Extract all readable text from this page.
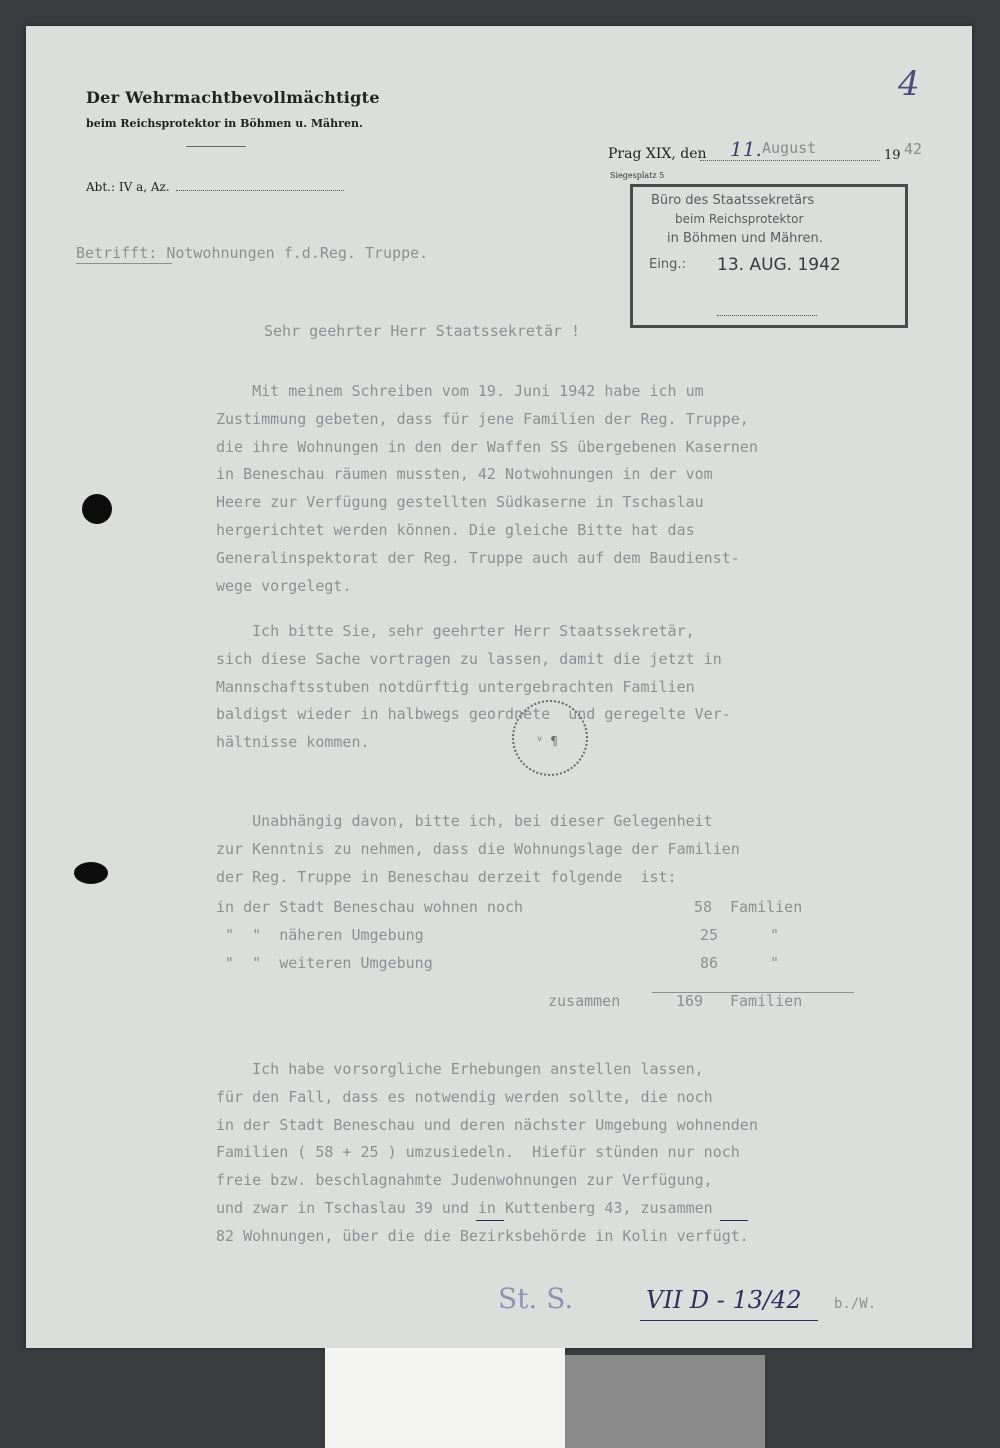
Der Wehrmachtbevollmächtigte
beim Reichsprotektor in Böhmen u. Mähren.
Abt.: IV a, Az.
4
Prag XIX, den 11. August	19 42
Siegesplatz 5
Büro des Staatssekretärs
beim Reichsprotektor
in Böhmen und Mähren.
Eing.: 13. AUG. 1942
Betrifft: Notwohnungen f.d.Reg. Truppe.
Sehr geehrter Herr Staatssekretär !

Mit meinem Schreiben vom 19. Juni 1942 habe ich um
Zustimmung gebeten, dass für jene Familien der Reg. Truppe,
die ihre Wohnungen in den der Waffen SS übergebenen Kasernen
in Beneschau räumen mussten, 42 Notwohnungen in der vom
Heere zur Verfügung gestellten Südkaserne in Tschaslau
hergerichtet werden können. Die gleiche Bitte hat das
Generalinspektorat der Reg. Truppe auch auf dem Baudienst-
wege vorgelegt.

Ich bitte Sie, sehr geehrter Herr Staatssekretär,
sich diese Sache vortragen zu lassen, damit die jetzt in
Mannschaftsstuben notdürftig untergebrachten Familien
baldigst wieder in halbwegs geordnete  und geregelte Ver-
hältnisse kommen.	ⱽ ¶

Unabhängig davon, bitte ich, bei dieser Gelegenheit
zur Kenntnis zu nehmen, dass die Wohnungslage der Familien
der Reg. Truppe in Beneschau derzeit folgende  ist:

in der Stadt Beneschau wohnen noch	58 Familien
"  "  näheren Umgebung	25	"
"  "  weiteren Umgebung	86	"
zusammen	169 Familien

Ich habe vorsorgliche Erhebungen anstellen lassen,
für den Fall, dass es notwendig werden sollte, die noch
in der Stadt Beneschau und deren nächster Umgebung wohnenden
Familien ( 58 + 25 ) umzusiedeln.  Hiefür stünden nur noch
freie bzw. beschlagnahmte Judenwohnungen zur Verfügung,
und zwar in Tschaslau 39 und in Kuttenberg 43, zusammen
82 Wohnungen, über die die Bezirksbehörde in Kolin verfügt.

St. S.	VII D - 13/42 b./W.
